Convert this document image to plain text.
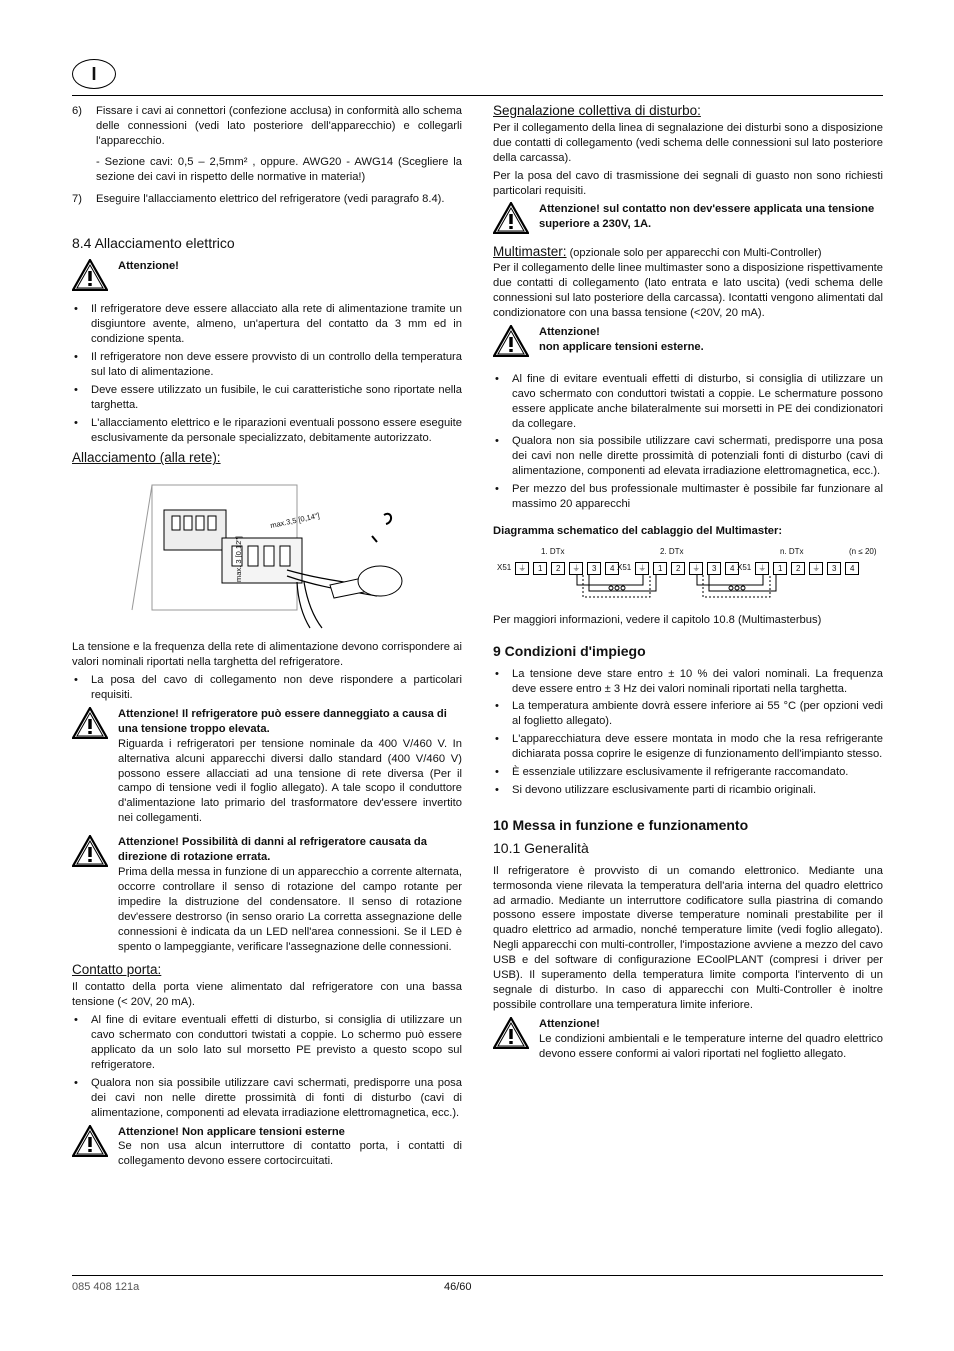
I
6)	Fissare i cavi ai connettori (confezione acclusa) in conformità allo schema delle connessioni (vedi lato posteriore dell'apparecchio) e collegarli l'apparecchio.

- Sezione cavi: 0,5 – 2,5mm² , oppure. AWG20 - AWG14 (Scegliere la sezione dei cavi in rispetto delle normative in materia!)

7)	Eseguire l'allacciamento elettrico del refrigeratore (vedi paragrafo 8.4).
8.4 Allacciamento elettrico
Attenzione!
• Il refrigeratore deve essere allacciato alla rete di alimentazione tramite un disgiuntore avente, almeno, un'apertura del contatto da 3 mm ed in condizione spenta.
• Il refrigeratore non deve essere provvisto di un controllo della temperatura sul lato di alimentazione.
• Deve essere utilizzato un fusibile, le cui caratteristiche sono riportate nella targhetta.
• L'allacciamento elettrico e le riparazioni eventuali possono essere eseguite esclusivamente da personale specializzato, debitamente autorizzato.
Allacciamento (alla rete):
max.3,5 [0,14"]
max. 3 [0,12"]

La tensione e la frequenza della rete di alimentazione devono corrispondere ai valori nominali riportati nella targhetta del refrigeratore.

• La posa del cavo di collegamento non deve rispondere a particolari requisiti.
Attenzione! Il refrigeratore può essere danneggiato a causa di una tensione troppo elevata.

Riguarda i refrigeratori per tensione nominale da 400 V/460 V. In alternativa alcuni apparecchi diversi dallo standard (400 V/460 V) possono essere allacciati ad una tensione di rete diversa (Per il campo di tensione vedi il foglio allegato). A tale scopo il conduttore d'alimentazione lato primario del trasformatore dev'essere invertito nei collegamenti.

Attenzione! Possibilità di danni al refrigeratore causata da direzione di rotazione errata.

Prima della messa in funzione di un apparecchio a corrente alternata, occorre controllare il senso di rotazione del campo rotante per impedire la distruzione del condensatore. Il senso di rotazione dev'essere destrorso (in senso orario La corretta assegnazione delle connessioni è indicata da un LED nell'area connessioni. Se il LED è spento o lampeggiante, verificare l'assegnazione delle connessioni.

Contatto porta:

Il contatto della porta viene alimentato dal refrigeratore con una bassa tensione (< 20V, 20 mA).

• Al fine di evitare eventuali effetti di disturbo, si consiglia di utilizzare un cavo schermato con conduttori twistati a coppie. Lo schermo può essere applicato da un solo lato sul morsetto PE previsto a questo scopo sul refrigeratore.
• Qualora non sia possibile utilizzare cavi schermati, predisporre una posa dei cavi non nelle dirette prossimità di fonti di disturbo (cavi di alimentazione, componenti ad elevata irradiazione elettromagnetica, ecc.).
Attenzione! Non applicare tensioni esterne

Se non usa alcun interruttore di contatto porta, i contatti di collegamento devono essere cortocircuitati.

Segnalazione collettiva di disturbo:

Per il collegamento della linea di segnalazione dei disturbi sono a disposizione due contatti di collegamento (vedi schema delle connessioni sul lato posteriore della carcassa).

Per la posa del cavo di trasmissione dei segnali di guasto non sono richiesti particolari requisiti.

Attenzione! sul contatto non dev'essere applicata una tensione superiore a 230V, 1A.
Multimaster: (opzionale solo per apparecchi con Multi-Controller)

Per il collegamento delle linee multimaster sono a disposizione rispettivamente due contatti di collegamento (lato entrata e lato uscita) (vedi schema delle connessioni sul lato posteriore della carcassa). Icontatti vengono alimentati dal condizionatore con una bassa tensione (<20V, 20 mA).

Attenzione!
non applicare tensioni esterne.
• Al fine di evitare eventuali effetti di disturbo, si consiglia di utilizzare un cavo schermato con conduttori twistati a coppie. Le schermature possono essere applicate anche bilateralmente sui morsetti in PE dei condizionatori da collegare.
• Qualora non sia possibile utilizzare cavi schermati, predisporre una posa dei cavi non nelle dirette prossimità di potenziali fonti di disturbo (cavi di alimentazione, componenti ad elevata irradiazione elettromagnetica, ecc.).
• Per mezzo del bus professionale multimaster è possibile far funzionare al massimo 20 apparecchi
Diagramma schematico del cablaggio del Multimaster:
1. DTx	2. DTx	n. DTx	(n ≤ 20)
X51 ⏚	1	2	⏚	3	4 X51 ⏚	1	2	⏚	3	4 X51 ⏚	1	2	⏚	3	4

Per maggiori informazioni, vedere il capitolo 10.8 (Multimasterbus)

9 Condizioni d'impiego
• La tensione deve stare entro ± 10 % dei valori nominali. La frequenza deve essere entro ± 3 Hz dei valori nominali riportati nella targhetta.
• La temperatura ambiente dovrà essere inferiore ai 55 °C (per opzioni vedi al foglietto allegato).
• L'apparecchiatura deve essere montata in modo che la resa refrigerante dichiarata possa coprire le esigenze di funzionamento dell'impianto stesso.
• È essenziale utilizzare esclusivamente il refrigerante raccomandato.
• Si devono utilizzare esclusivamente parti di ricambio originali.
10 Messa in funzione e funzionamento
10.1 Generalità

Il refrigeratore è provvisto di un comando elettronico. Mediante una termosonda viene rilevata la temperatura dell'aria interna del quadro elettrico ad armadio. Mediante un interruttore codificatore sulla piastrina di comando possono essere impostate diverse temperature nominali prestabilite per il quadro elettrico ad armadio, nonché temperature limite (vedi foglio allegato). Negli apparecchi con multi-controller, l'impostazione avviene a mezzo del cavo USB e del software di configurazione ECoolPLANT (compresi i driver per USB). Il superamento della temperatura limite comporta l'intervento di un segnale di disturbo. In caso di apparecchi con Multi-Controller è inoltre possibile controllare una temperatura limite inferiore.

Attenzione!

Le condizioni ambientali e le temperature interne del quadro elettrico devono essere conformi ai valori riportati nel foglietto allegato.

085 408 121a	46/60
